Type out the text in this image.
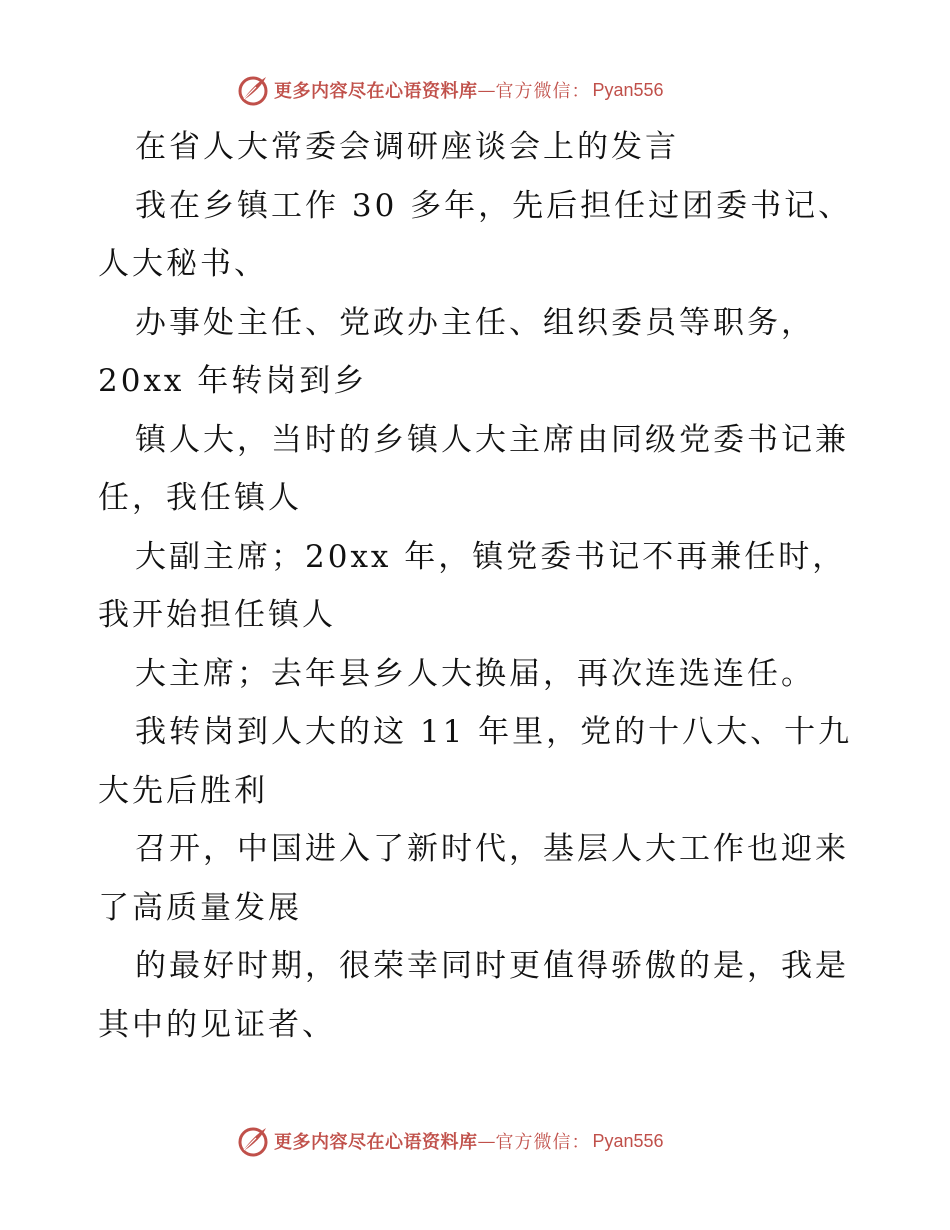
更多内容尽在心语资料库 — 官方微信： Pyan556
在省人大常委会调研座谈会上的发言
我在乡镇工作 30 多年，先后担任过团委书记、
人大秘书、
办事处主任、党政办主任、组织委员等职务，
20xx 年转岗到乡
镇人大，当时的乡镇人大主席由同级党委书记兼
任，我任镇人
大副主席；20xx 年，镇党委书记不再兼任时，
我开始担任镇人
大主席；去年县乡人大换届，再次连选连任。
我转岗到人大的这 11 年里，党的十八大、十九
大先后胜利
召开，中国进入了新时代，基层人大工作也迎来
了高质量发展
的最好时期，很荣幸同时更值得骄傲的是，我是
其中的见证者、
更多内容尽在心语资料库 — 官方微信： Pyan556
